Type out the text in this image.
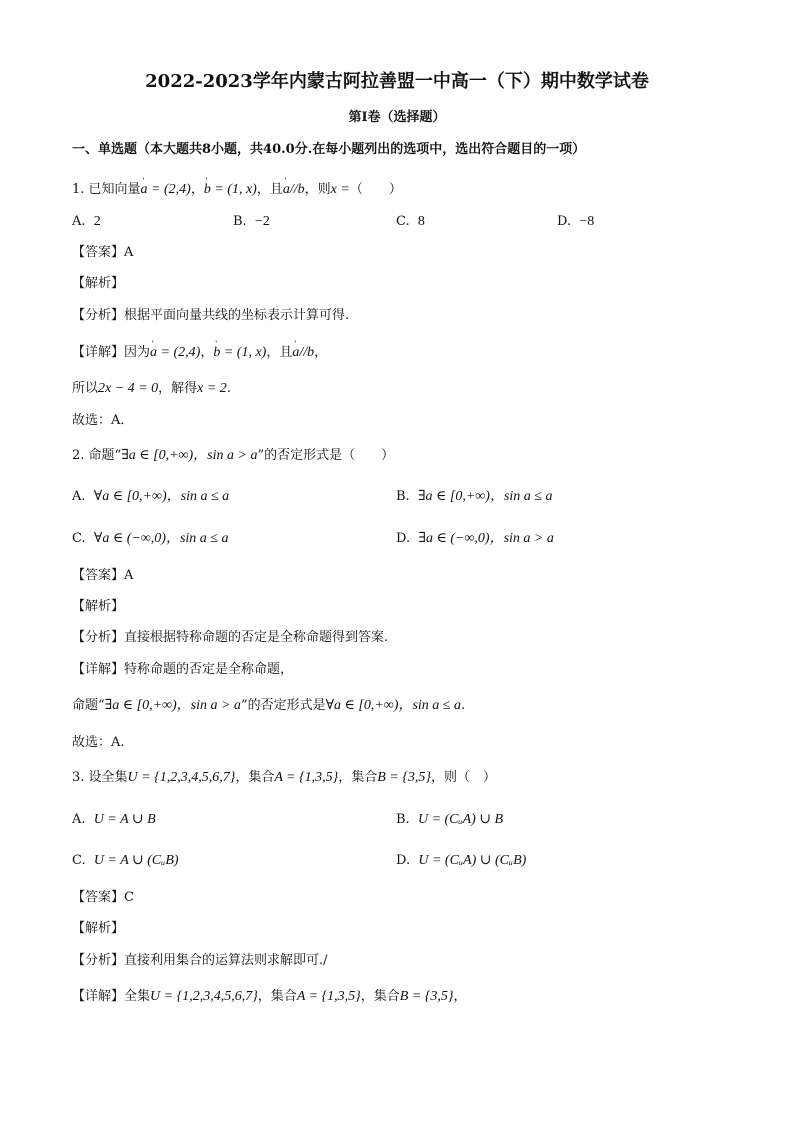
2022-2023学年内蒙古阿拉善盟一中高一（下）期中数学试卷
第I卷（选择题）
一、单选题（本大题共8小题，共40.0分.在每小题列出的选项中，选出符合题目的一项）
1. 已知向量' a = (2,4)，' b = (1, x)，且' a//b，则x =（　　）
A. 2	B. −2	C. 8	D. −8
【答案】A
【解析】
【分析】根据平面向量共线的坐标表示计算可得.
【详解】因为' a = (2,4)，' b = (1, x)，且' a//b，
所以2x − 4 = 0，解得x = 2.
故选：A．
2. 命题“∃a ∈ [0,+∞)，sin a > a”的否定形式是（　　）
A. ∀a ∈ [0,+∞)，sin a ≤ a	B. ∃a ∈ [0,+∞)，sin a ≤ a
C. ∀a ∈ (−∞,0)，sin a ≤ a	D. ∃a ∈ (−∞,0)，sin a > a
【答案】A
【解析】
【分析】直接根据特称命题的否定是全称命题得到答案.
【详解】特称命题的否定是全称命题，
命题“∃a ∈ [0,+∞)，sin a > a”的否定形式是∀a ∈ [0,+∞)，sin a ≤ a.
故选：A.
3. 设全集U = {1,2,3,4,5,6,7}，集合A = {1,3,5}，集合B = {3,5}，则（　）
A. U = A ∪ B	B. U = (CᵤA) ∪ B
C. U = A ∪ (CᵤB)	D. U = (CᵤA) ∪ (CᵤB)
【答案】C
【解析】
【分析】直接利用集合的运算法则求解即可./
【详解】全集U = {1,2,3,4,5,6,7}，集合A = {1,3,5}，集合B = {3,5}，
